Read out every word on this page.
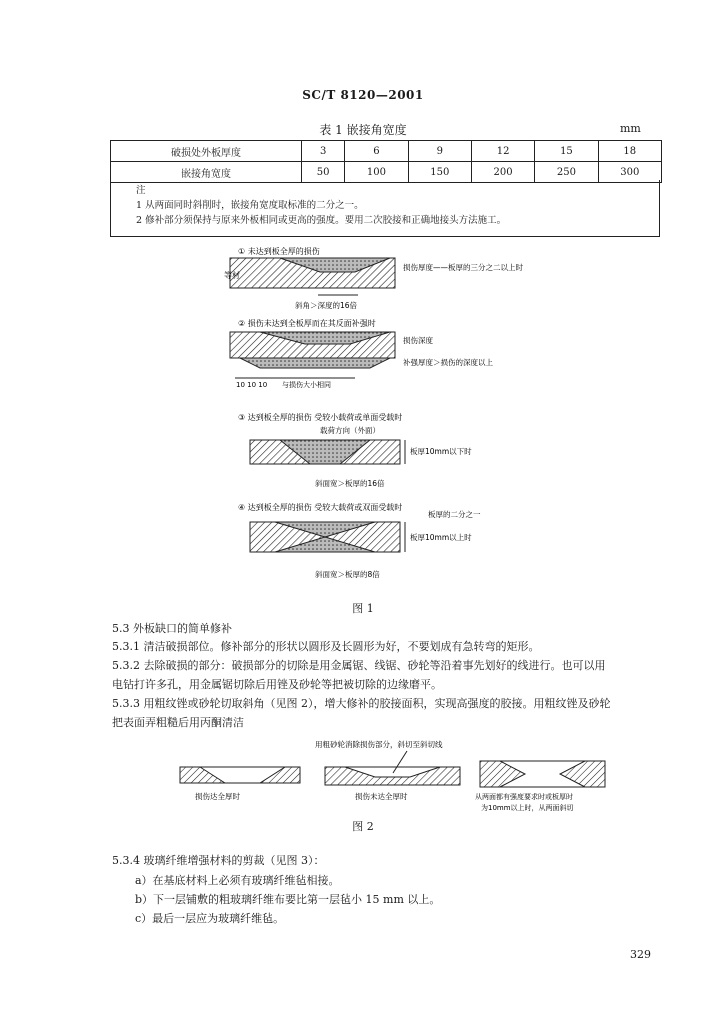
SC/T 8120—2001
表 1 嵌接角宽度	mm
破损处外板厚度	3	6	9	12	15	18
嵌接角宽度	50	100	150	200	250	300
注
1 从两面同时斜削时，嵌接角宽度取标准的二分之一。
2 修补部分须保持与原来外板相同或更高的强度。要用二次胶接和正确地接头方法施工。
① 未达到板全厚的损伤
等材
损伤厚度——板厚的三分之二以上时
斜角＞深度的16倍
② 损伤未达到全板厚而在其反面补强时
损伤深度
补强厚度＞损伤的深度以上
10 10 10 与损伤大小相同
③ 达到板全厚的损伤 受较小载荷或单面受载时
载荷方向（外面）
板厚10mm以下时
斜面宽＞板厚的16倍
④ 达到板全厚的损伤 受较大载荷或双面受载时
板厚的二分之一
板厚10mm以上时
斜面宽＞板厚的8倍
图 1
5.3 外板缺口的简单修补
5.3.1 清洁破损部位。修补部分的形状以圆形及长圆形为好，不要划成有急转弯的矩形。
5.3.2 去除破损的部分：破损部分的切除是用金属锯、线锯、砂轮等沿着事先划好的线进行。也可以用
电钻打许多孔，用金属锯切除后用锉及砂轮等把被切除的边缘磨平。
5.3.3 用粗纹锉或砂轮切取斜角（见图 2），增大修补的胶接面积，实现高强度的胶接。用粗纹锉及砂轮
把表面弄粗糙后用丙酮清洁
用粗砂轮消除损伤部分，斜切至斜切线
损伤达全厚时	损伤未达全厚时	从两面都有强度要求时或板厚时
为10mm以上时，从两面斜切
图 2
5.3.4 玻璃纤维增强材料的剪裁（见图 3）：
a）在基底材料上必须有玻璃纤维毡相接。
b）下一层铺敷的粗玻璃纤维布要比第一层毡小 15 mm 以上。
c）最后一层应为玻璃纤维毡。
329
